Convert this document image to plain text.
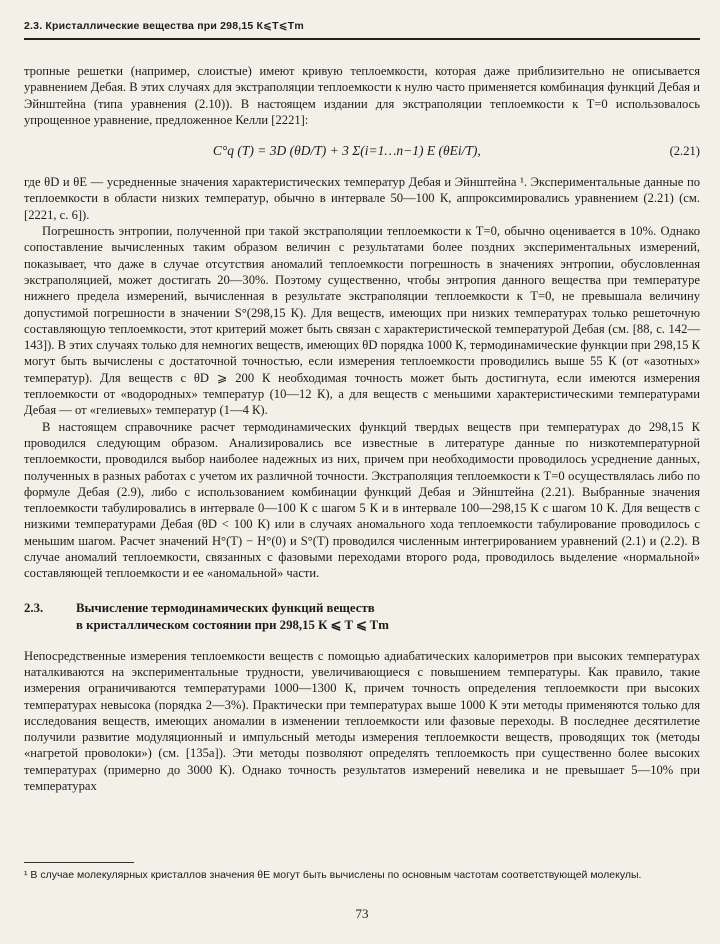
2.3. Кристаллические вещества при 298,15 К⩽T⩽Tm

тропные решетки (например, слоистые) имеют кривую теплоемкости, которая даже приблизительно не описывается уравнением Дебая. В этих случаях для экстраполяции теплоемкости к нулю часто применяется комбинация функций Дебая и Эйнштейна (типа уравнения (2.10)). В настоящем издании для экстраполяции теплоемкости к T=0 использовалось упрощенное уравнение, предложенное Келли [2221]:

C°q (T) = 3D (θD/T) + 3 Σ(i=1…n−1) E (θEi/T),	(2.21)

где θD и θE — усредненные значения характеристических температур Дебая и Эйнштейна ¹. Экспериментальные данные по теплоемкости в области низких температур, обычно в интервале 50—100 К, аппроксимировались уравнением (2.21) (см. [2221, с. 6]).

Погрешность энтропии, полученной при такой экстраполяции теплоемкости к T=0, обычно оценивается в 10%. Однако сопоставление вычисленных таким образом величин с результатами более поздних экспериментальных измерений, показывает, что даже в случае отсутствия аномалий теплоемкости погрешность в значениях энтропии, обусловленная экстраполяцией, может достигать 20—30%. Поэтому существенно, чтобы энтропия данного вещества при температуре нижнего предела измерений, вычисленная в результате экстраполяции теплоемкости к T=0, не превышала величину допустимой погрешности в значении S°(298,15 К). Для веществ, имеющих при низких температурах только решеточную составляющую теплоемкости, этот критерий может быть связан с характеристической температурой Дебая (см. [88, с. 142—143]). В этих случаях только для немногих веществ, имеющих θD порядка 1000 К, термодинамические функции при 298,15 К могут быть вычислены с достаточной точностью, если измерения теплоемкости проводились выше 55 К (от «азотных» температур). Для веществ с θD ⩾ 200 К необходимая точность может быть достигнута, если имеются измерения теплоемкости от «водородных» температур (10—12 К), а для веществ с меньшими характеристическими температурами Дебая — от «гелиевых» температур (1—4 К).

В настоящем справочнике расчет термодинамических функций твердых веществ при температурах до 298,15 К проводился следующим образом. Анализировались все известные в литературе данные по низкотемпературной теплоемкости, проводился выбор наиболее надежных из них, причем при необходимости проводилось усреднение данных, полученных в разных работах с учетом их различной точности. Экстраполяция теплоемкости к T=0 осуществлялась либо по формуле Дебая (2.9), либо с использованием комбинации функций Дебая и Эйнштейна (2.21). Выбранные значения теплоемкости табулировались в интервале 0—100 К с шагом 5 К и в интервале 100—298,15 К с шагом 10 К. Для веществ с низкими температурами Дебая (θD < 100 К) или в случаях аномального хода теплоемкости табулирование проводилось с меньшим шагом. Расчет значений H°(T) − H°(0) и S°(T) проводился численным интегрированием уравнений (2.1) и (2.2). В случае аномалий теплоемкости, связанных с фазовыми переходами второго рода, проводилось выделение «нормальной» составляющей теплоемкости и ее «аномальной» части.

2.3.	Вычисление термодинамических функций веществ
в кристаллическом состоянии при 298,15 К ⩽ T ⩽ Tm

Непосредственные измерения теплоемкости веществ с помощью адиабатических калориметров при высоких температурах наталкиваются на экспериментальные трудности, увеличивающиеся с повышением температуры. Как правило, такие измерения ограничиваются температурами 1000—1300 К, причем точность определения теплоемкости при высоких температурах невысока (порядка 2—3%). Практически при температурах выше 1000 К эти методы применяются только для исследования веществ, имеющих аномалии в изменении теплоемкости или фазовые переходы. В последнее десятилетие получили развитие модуляционный и импульсный методы измерения теплоемкости веществ, проводящих ток (методы «нагретой проволоки») (см. [135а]). Эти методы позволяют определять теплоемкость при существенно более высоких температурах (примерно до 3000 К). Однако точность результатов измерений невелика и не превышает 5—10% при температурах

¹ В случае молекулярных кристаллов значения θE могут быть вычислены по основным частотам соответствующей молекулы.
73
